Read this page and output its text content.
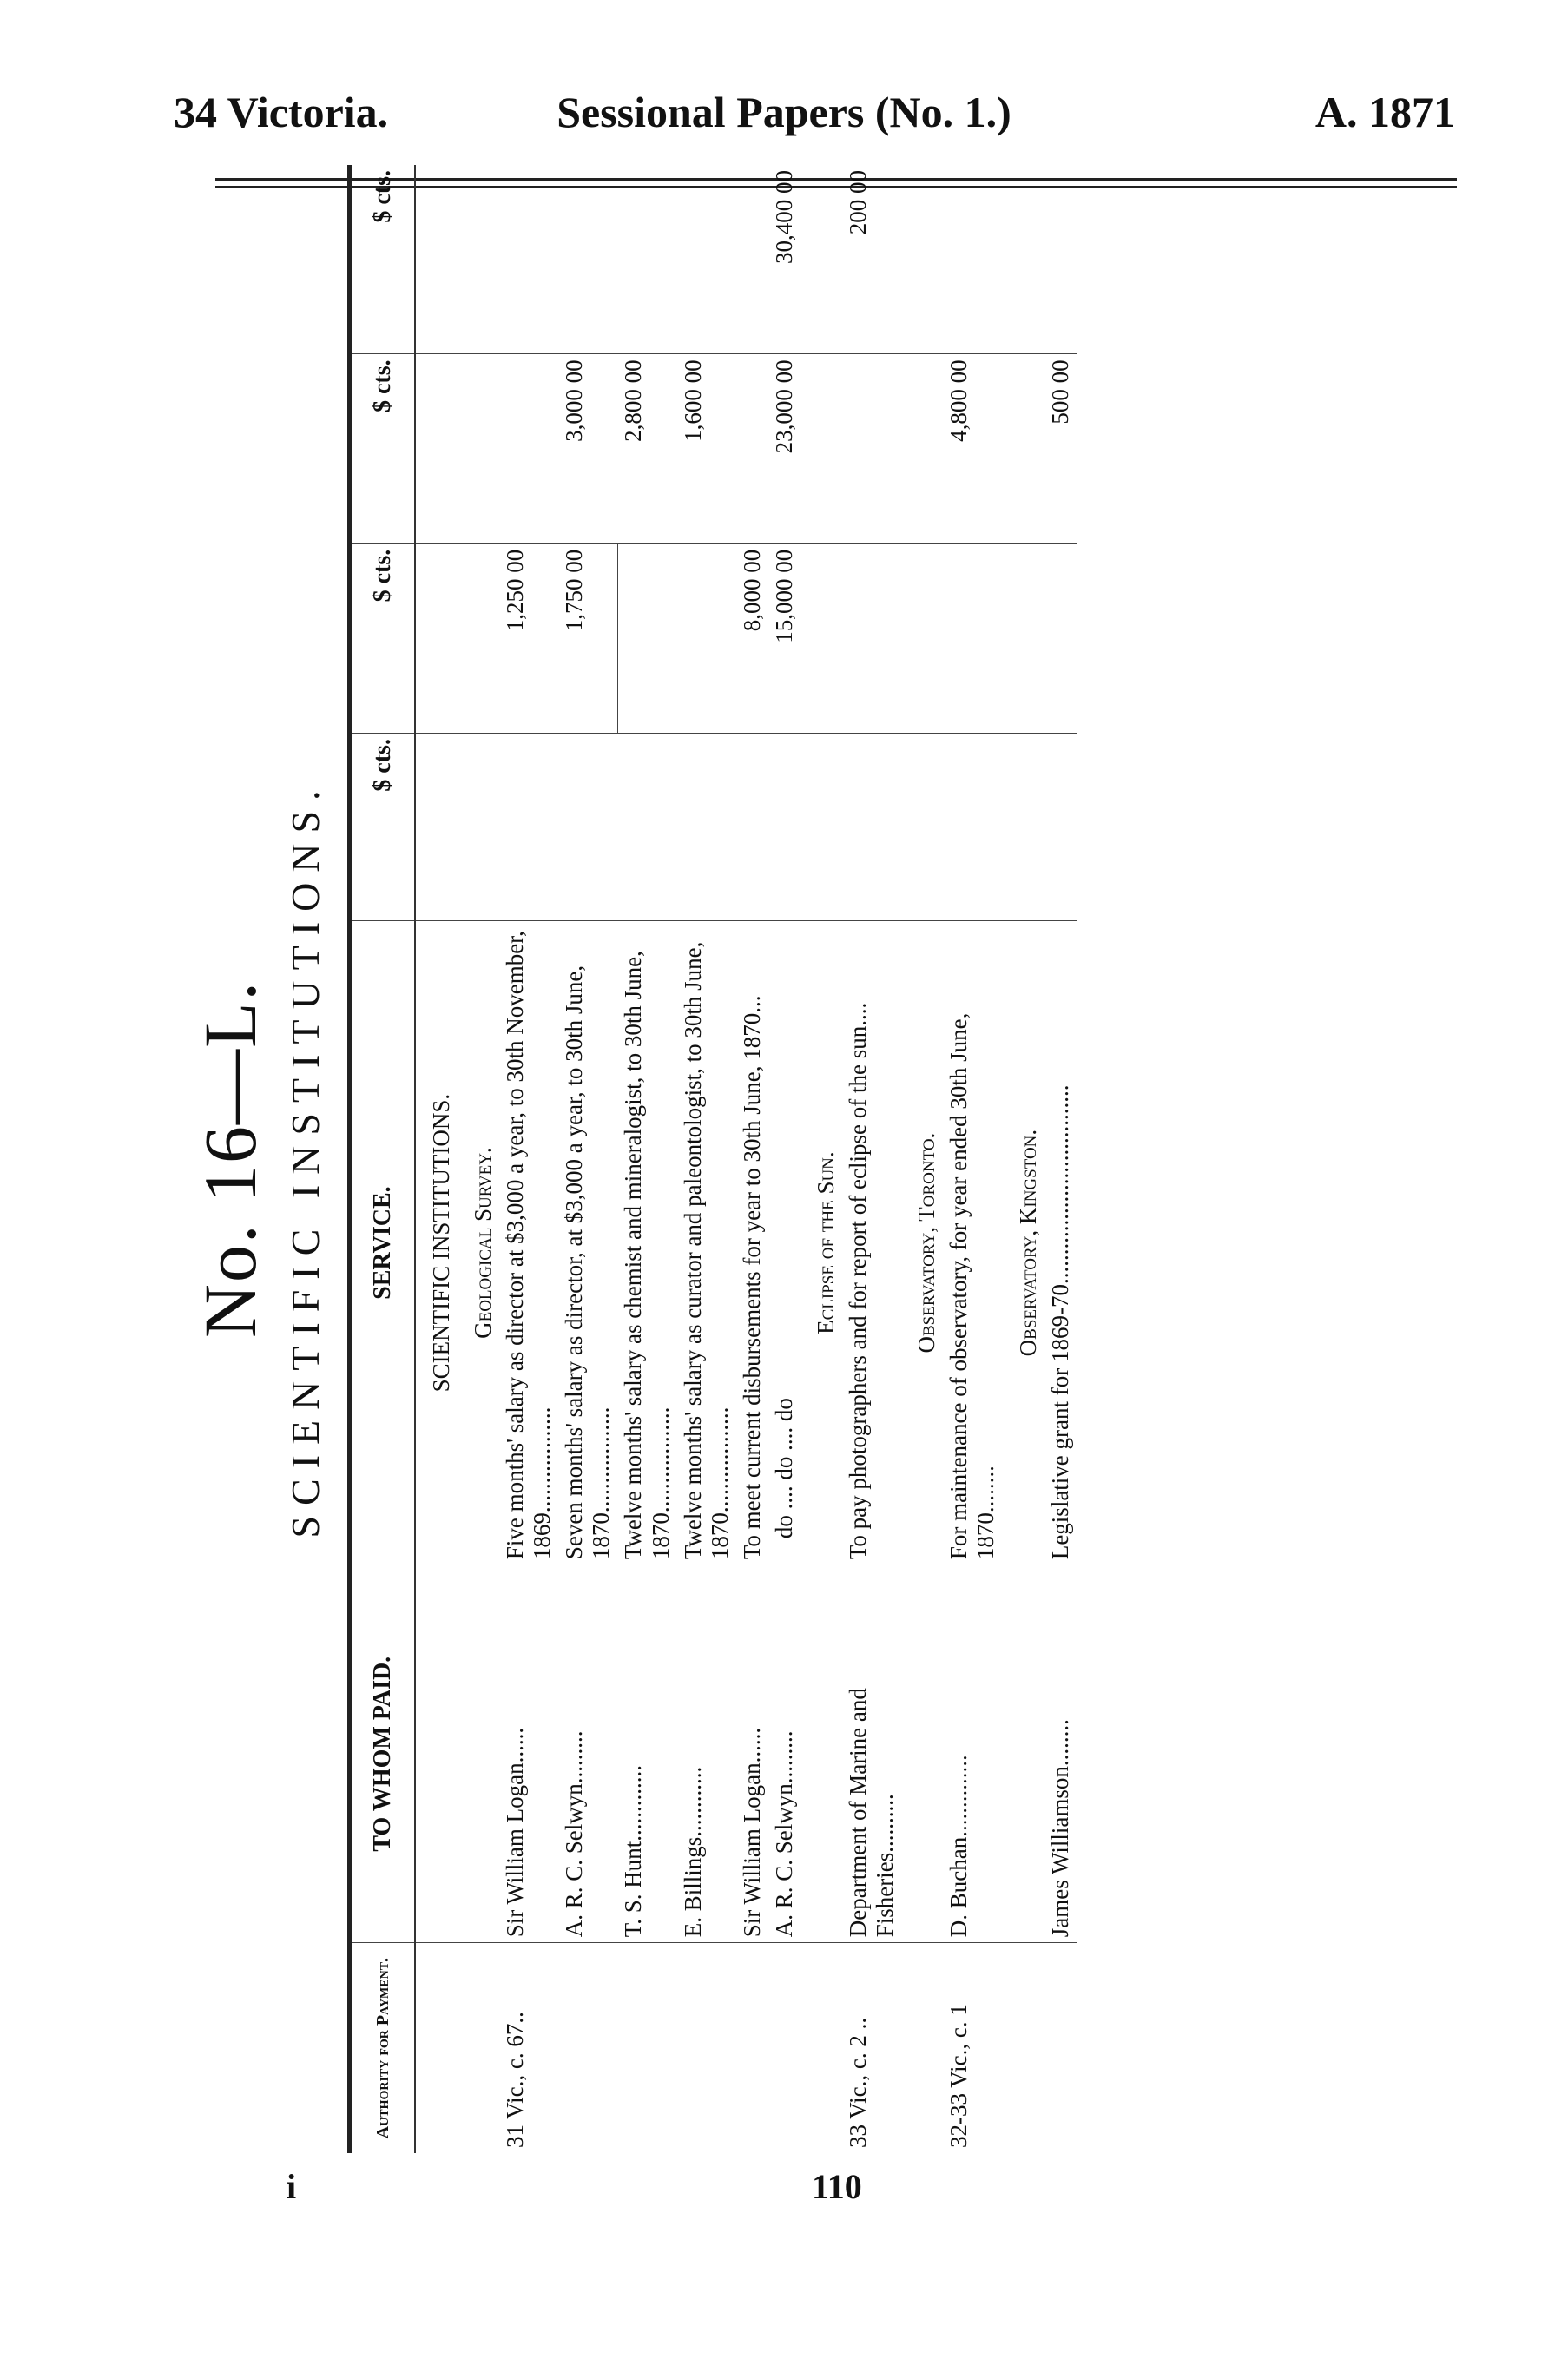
34 Victoria.	Sessional Papers (No. 1.)	A. 1871
No. 16—L. SCIENTIFIC INSTITUTIONS.
Authority for Payment.	TO WHOM PAID.	SERVICE.	$ cts.	$ cts.	$ cts.	$ cts.
		SCIENTIFIC INSTITUTIONS.				
		Geological Survey.				
31 Vic., c. 67..	Sir William Logan......	Five months' salary as director at $3,000 a year, to 30th November, 1869..................		1,250 00		
	A. R. C. Selwyn.........	Seven months' salary as director, at $3,000 a year, to 30th June, 1870..................		1,750 00	3,000 00	
	T. S. Hunt.............	Twelve months' salary as chemist and mineralogist, to 30th June, 1870..................			2,800 00	
	E. Billings............	Twelve months' salary as curator and paleontologist, to 30th June, 1870..................			1,600 00	
	Sir William Logan......	To meet current disbursements for year to 30th June, 1870...		8,000 00		
	A. R. C. Selwyn.........	do .... do .... do		15,000 00	23,000 00	30,400 00
		Eclipse of the Sun.				
33 Vic., c. 2 ..	Department of Marine and Fisheries..........	To pay photographers and for report of eclipse of the sun....				200 00
		Observatory, Toronto.				
32-33 Vic., c. 1	D. Buchan..............	For maintenance of observatory, for year ended 30th June, 1870........			4,800 00	
		Observatory, Kingston.				
	James Williamson........	Legislative grant for 1869-70..................................			500 00	
i	110
